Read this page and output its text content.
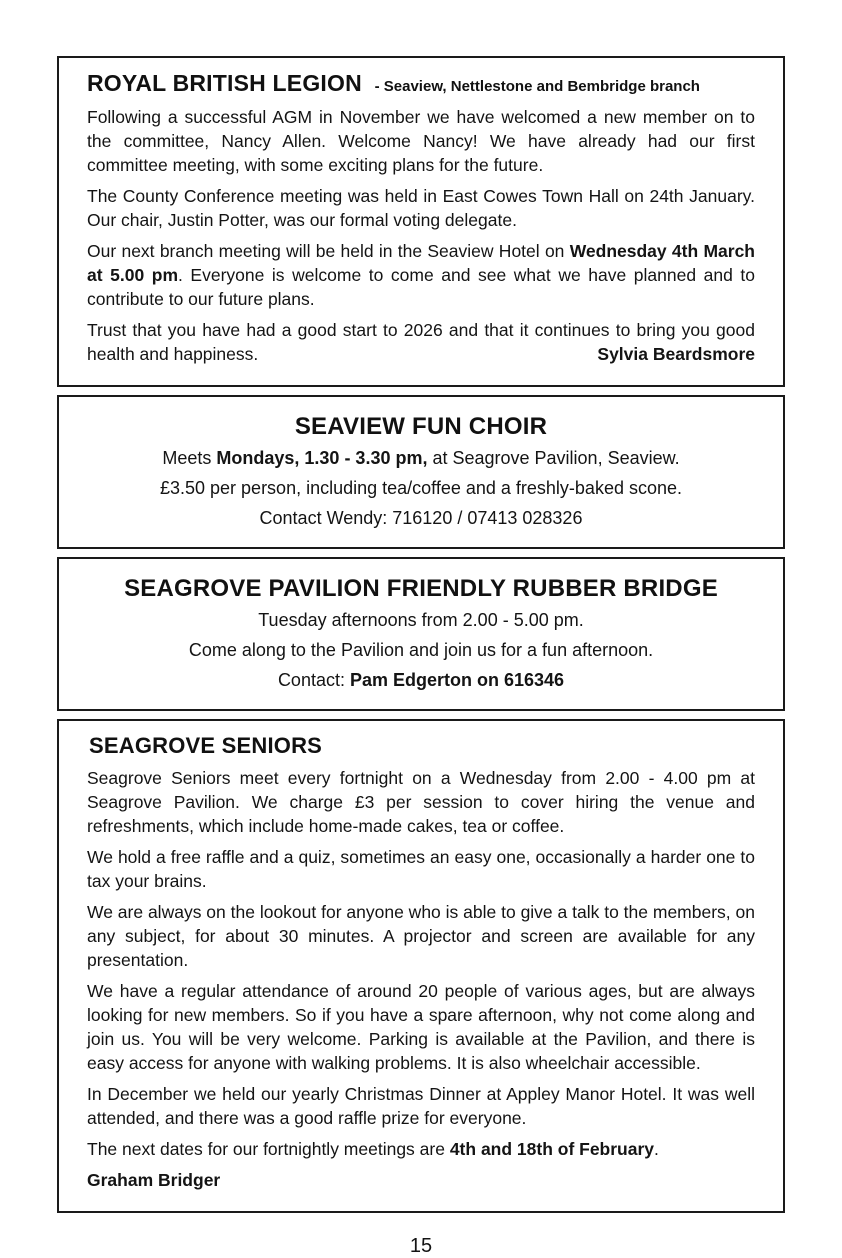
ROYAL BRITISH LEGION - Seaview, Nettlestone and Bembridge branch

Following a successful AGM in November we have welcomed a new member on to the committee, Nancy Allen. Welcome Nancy! We have already had our first committee meeting, with some exciting plans for the future.

The County Conference meeting was held in East Cowes Town Hall on 24th January. Our chair, Justin Potter, was our formal voting delegate.

Our next branch meeting will be held in the Seaview Hotel on Wednesday 4th March at 5.00 pm. Everyone is welcome to come and see what we have planned and to contribute to our future plans.

Trust that you have had a good start to 2026 and that it continues to bring you good health and happiness.	Sylvia Beardsmore

SEAVIEW FUN CHOIR

Meets Mondays, 1.30 - 3.30 pm, at Seagrove Pavilion, Seaview.

£3.50 per person, including tea/coffee and a freshly-baked scone.

Contact Wendy: 716120 / 07413 028326

SEAGROVE PAVILION FRIENDLY RUBBER BRIDGE

Tuesday afternoons from 2.00 - 5.00 pm.

Come along to the Pavilion and join us for a fun afternoon.

Contact: Pam Edgerton on 616346

SEAGROVE SENIORS

Seagrove Seniors meet every fortnight on a Wednesday from 2.00 - 4.00 pm at Seagrove Pavilion. We charge £3 per session to cover hiring the venue and refreshments, which include home-made cakes, tea or coffee.

We hold a free raffle and a quiz, sometimes an easy one, occasionally a harder one to tax your brains.

We are always on the lookout for anyone who is able to give a talk to the members, on any subject, for about 30 minutes. A projector and screen are available for any presentation.

We have a regular attendance of around 20 people of various ages, but are always looking for new members. So if you have a spare afternoon, why not come along and join us. You will be very welcome. Parking is available at the Pavilion, and there is easy access for anyone with walking problems. It is also wheelchair accessible.

In December we held our yearly Christmas Dinner at Appley Manor Hotel. It was well attended, and there was a good raffle prize for everyone.

The next dates for our fortnightly meetings are 4th and 18th of February.

Graham Bridger

15
